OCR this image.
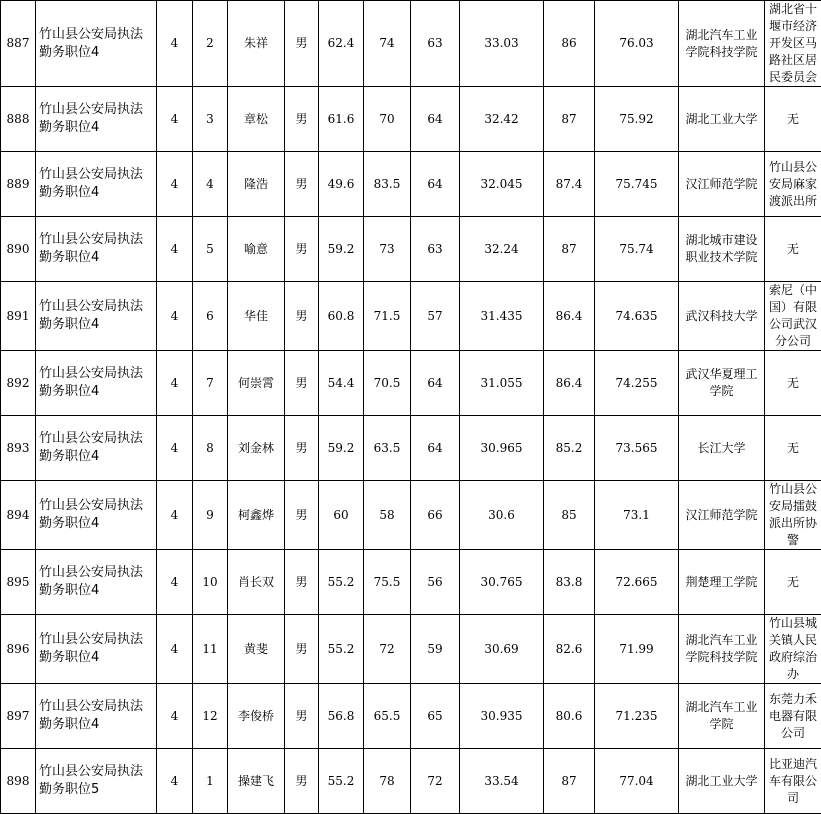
887	竹山县公安局执法勤务职位4	4	2	朱祥	男	62.4	74	63	33.03	86	76.03	湖北汽车工业学院科技学院	湖北省十堰市经济开发区马路社区居民委员会
888	竹山县公安局执法勤务职位4	4	3	章松	男	61.6	70	64	32.42	87	75.92	湖北工业大学	无
889	竹山县公安局执法勤务职位4	4	4	隆浩	男	49.6	83.5	64	32.045	87.4	75.745	汉江师范学院	竹山县公安局麻家渡派出所
890	竹山县公安局执法勤务职位4	4	5	喻意	男	59.2	73	63	32.24	87	75.74	湖北城市建设职业技术学院	无
891	竹山县公安局执法勤务职位4	4	6	华佳	男	60.8	71.5	57	31.435	86.4	74.635	武汉科技大学	索尼（中国）有限公司武汉分公司
892	竹山县公安局执法勤务职位4	4	7	何崇霄	男	54.4	70.5	64	31.055	86.4	74.255	武汉华夏理工学院	无
893	竹山县公安局执法勤务职位4	4	8	刘金林	男	59.2	63.5	64	30.965	85.2	73.565	长江大学	无
894	竹山县公安局执法勤务职位4	4	9	柯鑫烨	男	60	58	66	30.6	85	73.1	汉江师范学院	竹山县公安局擂鼓派出所协警
895	竹山县公安局执法勤务职位4	4	10	肖长双	男	55.2	75.5	56	30.765	83.8	72.665	荆楚理工学院	无
896	竹山县公安局执法勤务职位4	4	11	黄斐	男	55.2	72	59	30.69	82.6	71.99	湖北汽车工业学院科技学院	竹山县城关镇人民政府综治办
897	竹山县公安局执法勤务职位4	4	12	李俊桥	男	56.8	65.5	65	30.935	80.6	71.235	湖北汽车工业学院	东莞力禾电器有限公司
898	竹山县公安局执法勤务职位5	4	1	操建飞	男	55.2	78	72	33.54	87	77.04	湖北工业大学	比亚迪汽车有限公司
